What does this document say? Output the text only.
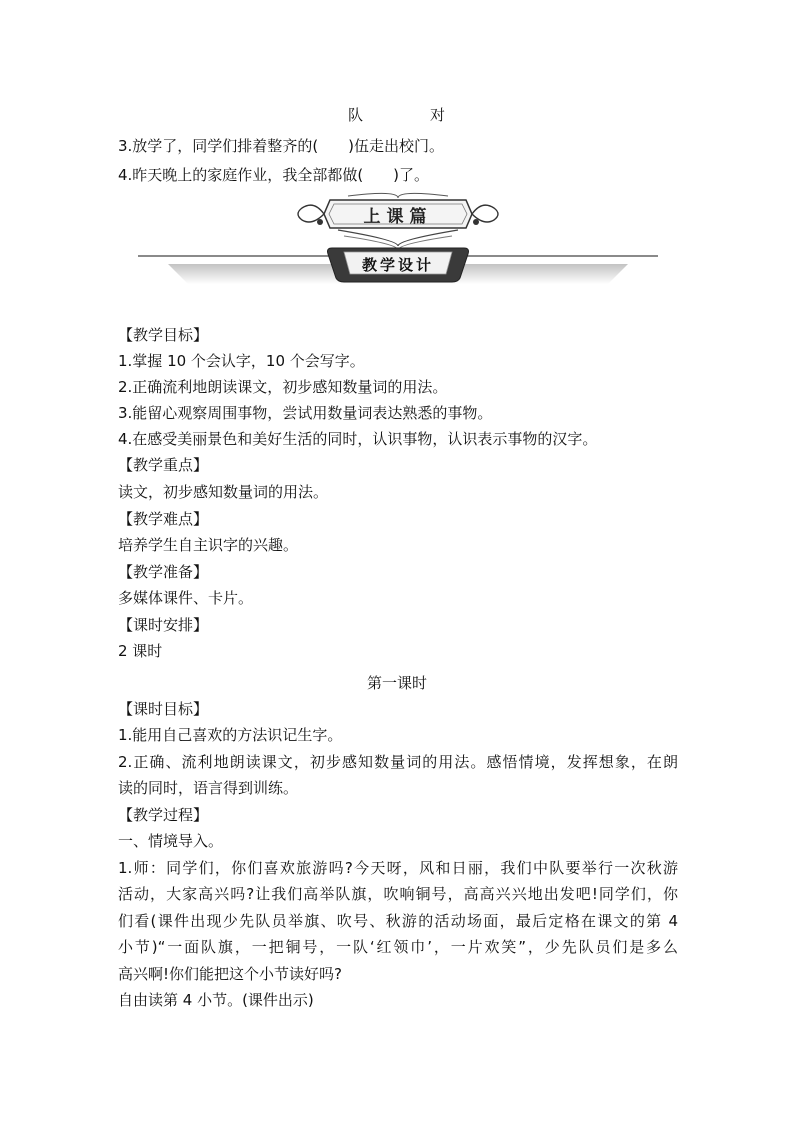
队	对
3.放学了，同学们排着整齐的( )伍走出校门。
4.昨天晚上的家庭作业，我全部都做( )了。
上课篇
教学设计
【教学目标】
1.掌握 10 个会认字，10 个会写字。
2.正确流利地朗读课文，初步感知数量词的用法。
3.能留心观察周围事物，尝试用数量词表达熟悉的事物。
4.在感受美丽景色和美好生活的同时，认识事物，认识表示事物的汉字。
【教学重点】
读文，初步感知数量词的用法。
【教学难点】
培养学生自主识字的兴趣。
【教学准备】
多媒体课件、卡片。
【课时安排】
2 课时
第一课时
【课时目标】
1.能用自己喜欢的方法识记生字。
2.正确、流利地朗读课文，初步感知数量词的用法。感悟情境，发挥想象，在朗
读的同时，语言得到训练。
【教学过程】
一、情境导入。
1.师：同学们，你们喜欢旅游吗?今天呀，风和日丽，我们中队要举行一次秋游
活动，大家高兴吗?让我们高举队旗，吹响铜号，高高兴兴地出发吧!同学们，你
们看(课件出现少先队员举旗、吹号、秋游的活动场面，最后定格在课文的第 4
小节)“一面队旗，一把铜号，一队‘红领巾’，一片欢笑”，少先队员们是多么
高兴啊!你们能把这个小节读好吗?
自由读第 4 小节。(课件出示)
